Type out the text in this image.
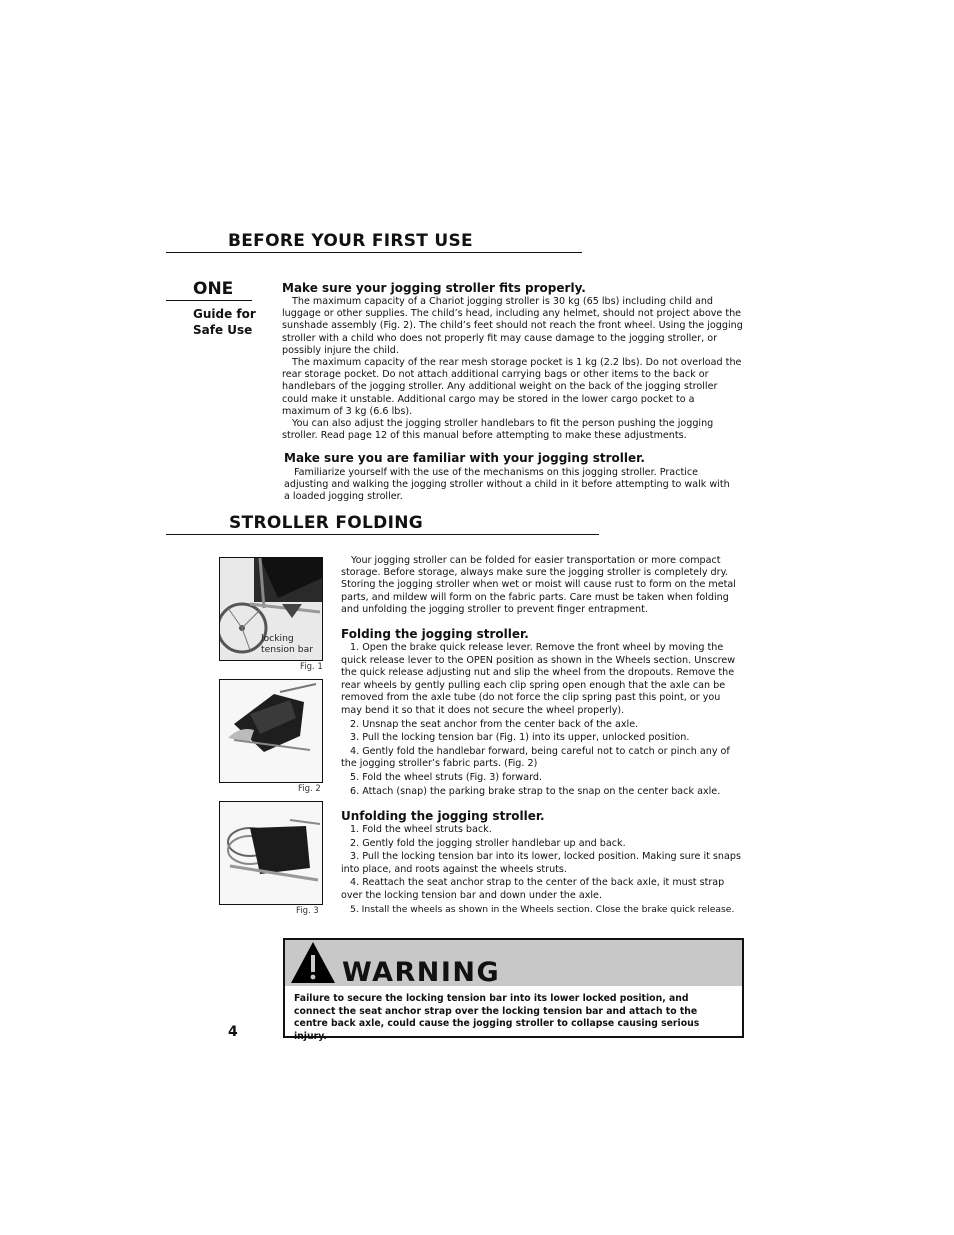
BEFORE YOUR FIRST USE
ONE
Guide for
Safe Use
Make sure your jogging stroller fits properly.

The maximum capacity of a Chariot jogging stroller is 30 kg (65 lbs) including child and luggage or other supplies. The child’s head, including any helmet, should not project above the sunshade assembly (Fig. 2). The child’s feet should not reach the front wheel. Using the jogging stroller with a child who does not properly fit may cause damage to the jogging stroller, or possibly injure the child.

The maximum capacity of the rear mesh storage pocket is 1 kg (2.2 lbs). Do not overload the rear storage pocket. Do not attach additional carrying bags or other items to the back or handlebars of the jogging stroller. Any additional weight on the back of the jogging stroller could make it unstable. Additional cargo may be stored in the lower cargo pocket to a maximum of 3 kg (6.6 lbs).

You can also adjust the jogging stroller handlebars to fit the person pushing the jogging stroller. Read page 12 of this manual before attempting to make these adjustments.

Make sure you are familiar with your jogging stroller.

Familiarize yourself with the use of the mechanisms on this jogging stroller. Practice adjusting and walking the jogging stroller without a child in it before attempting to walk with a loaded jogging stroller.

STROLLER FOLDING
locking
tension bar
Fig. 1
Fig. 2
Fig. 3

Your jogging stroller can be folded for easier transportation or more compact storage. Before storage, always make sure the jogging stroller is completely dry. Storing the jogging stroller when wet or moist will cause rust to form on the metal parts, and mildew will form on the fabric parts. Care must be taken when folding and unfolding the jogging stroller to prevent finger entrapment.

Folding the jogging stroller.

1. Open the brake quick release lever. Remove the front wheel by moving the quick release lever to the OPEN position as shown in the Wheels section. Unscrew the quick release adjusting nut and slip the wheel from the dropouts. Remove the rear wheels by gently pulling each clip spring open enough that the axle can be removed from the axle tube (do not force the clip spring past this point, or you may bend it so that it does not secure the wheel properly).

2. Unsnap the seat anchor from the center back of the axle.

3. Pull the locking tension bar (Fig. 1) into its upper, unlocked position.

4. Gently fold the handlebar forward, being careful not to catch or pinch any of the jogging stroller’s fabric parts. (Fig. 2)

5. Fold the wheel struts (Fig. 3) forward.

6. Attach (snap) the parking brake strap to the snap on the center back axle.

Unfolding the jogging stroller.

1. Fold the wheel struts back.

2. Gently fold the jogging stroller handlebar up and back.

3. Pull the locking tension bar into its lower, locked position. Making sure it snaps into place, and roots against the wheels struts.

4. Reattach the seat anchor strap to the center of the back axle, it must strap over the locking tension bar and down under the axle.

5. Install the wheels as shown in the Wheels section. Close the brake quick release.

WARNING
Failure to secure the locking tension bar into its lower locked position, and connect the seat anchor strap over the locking tension bar and attach to the centre back axle, could cause the jogging stroller to collapse causing serious injury.
4
